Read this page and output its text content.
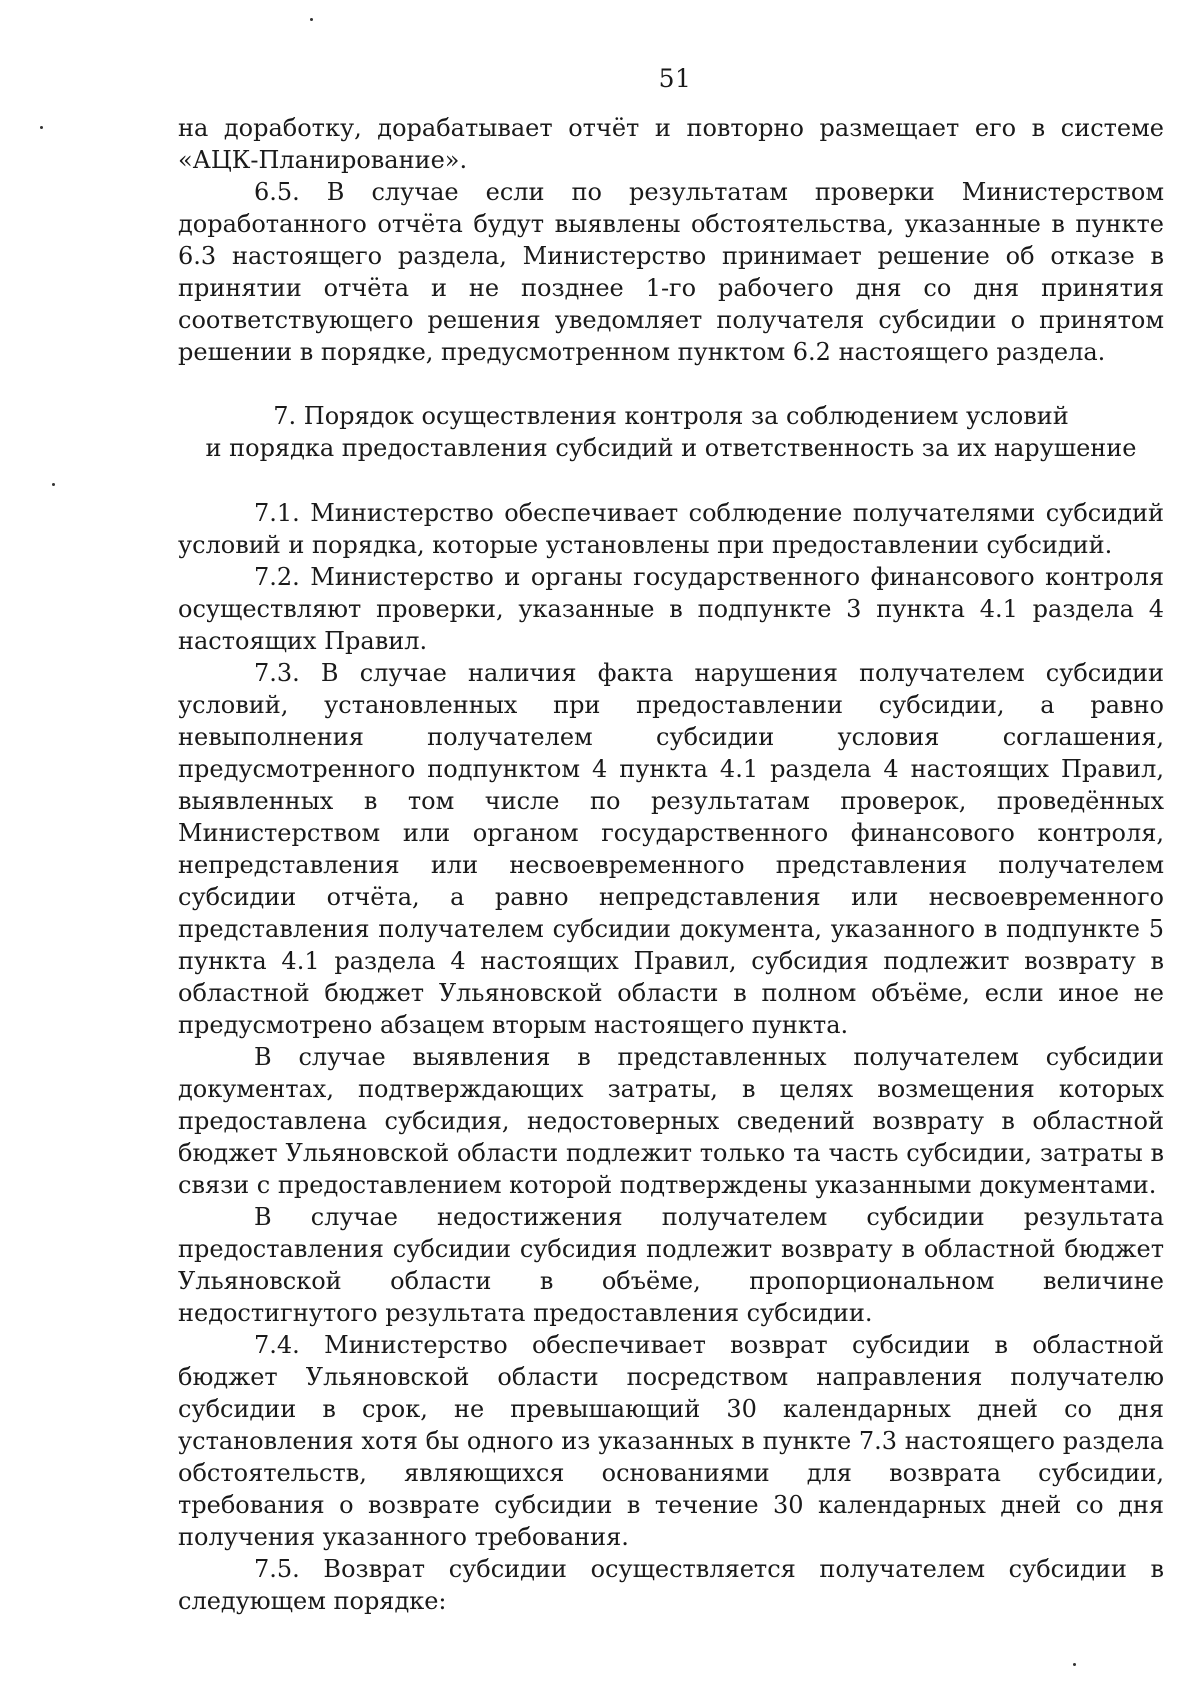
51

на доработку, дорабатывает отчёт и повторно размещает его в системе «АЦК-Планирование».

6.5. В случае если по результатам проверки Министерством доработанного отчёта будут выявлены обстоятельства, указанные в пункте 6.3 настоящего раздела, Министерство принимает решение об отказе в принятии отчёта и не позднее 1-го рабочего дня со дня принятия соответствующего решения уведомляет получателя субсидии о принятом решении в порядке, предусмотренном пунктом 6.2 настоящего раздела.

7. Порядок осуществления контроля за соблюдением условий
и порядка предоставления субсидий и ответственность за их нарушение

7.1. Министерство обеспечивает соблюдение получателями субсидий условий и порядка, которые установлены при предоставлении субсидий.

7.2. Министерство и органы государственного финансового контроля осуществляют проверки, указанные в подпункте 3 пункта 4.1 раздела 4 настоящих Правил.

7.3. В случае наличия факта нарушения получателем субсидии условий, установленных при предоставлении субсидии, а равно невыполнения получателем субсидии условия соглашения, предусмотренного подпунктом 4 пункта 4.1 раздела 4 настоящих Правил, выявленных в том числе по результатам проверок, проведённых Министерством или органом государственного финансового контроля, непредставления или несвоевременного представления получателем субсидии отчёта, а равно непредставления или несвоевременного представления получателем субсидии документа, указанного в подпункте 5 пункта 4.1 раздела 4 настоящих Правил, субсидия подлежит возврату в областной бюджет Ульяновской области в полном объёме, если иное не предусмотрено абзацем вторым настоящего пункта.

В случае выявления в представленных получателем субсидии документах, подтверждающих затраты, в целях возмещения которых предоставлена субсидия, недостоверных сведений возврату в областной бюджет Ульяновской области подлежит только та часть субсидии, затраты в связи с предоставлением которой подтверждены указанными документами.

В случае недостижения получателем субсидии результата предоставления субсидии субсидия подлежит возврату в областной бюджет Ульяновской области в объёме, пропорциональном величине недостигнутого результата предоставления субсидии.

7.4. Министерство обеспечивает возврат субсидии в областной бюджет Ульяновской области посредством направления получателю субсидии в срок, не превышающий 30 календарных дней со дня установления хотя бы одного из указанных в пункте 7.3 настоящего раздела обстоятельств, являющихся основаниями для возврата субсидии, требования о возврате субсидии в течение 30 календарных дней со дня получения указанного требования.

7.5. Возврат субсидии осуществляется получателем субсидии в следующем порядке:
